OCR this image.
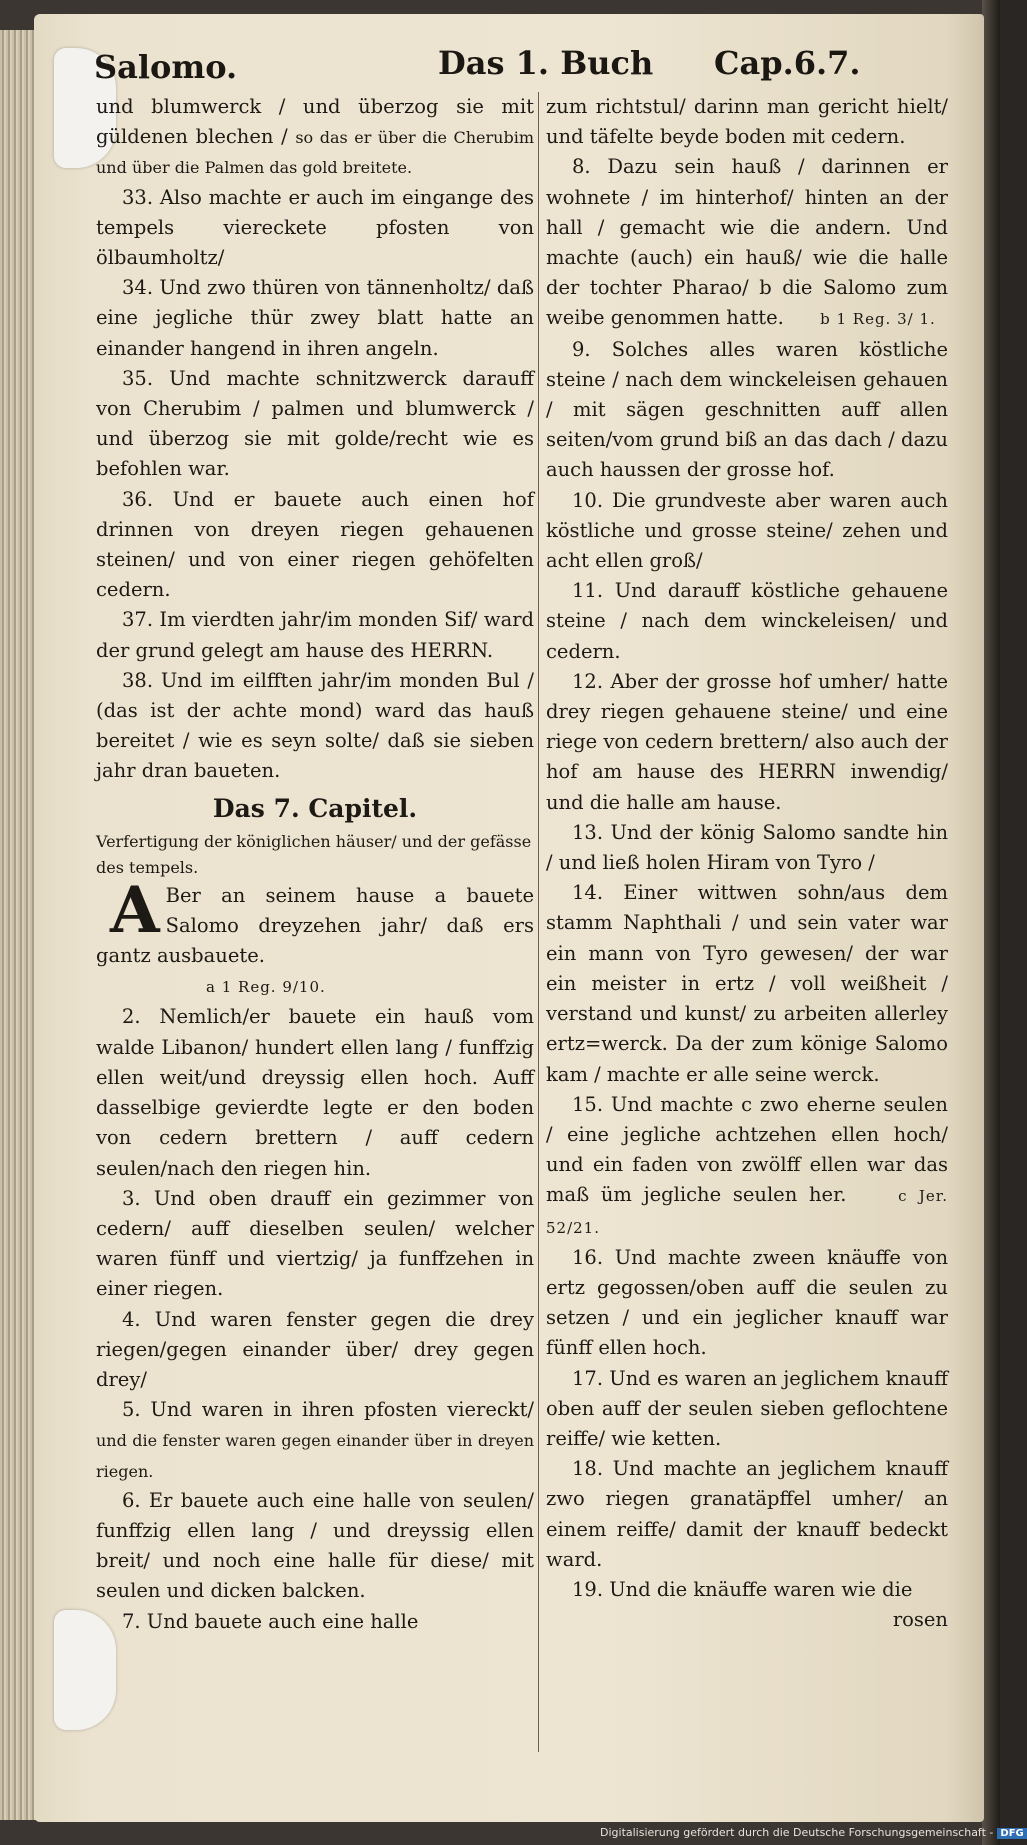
Salomo.	Das 1. Buch Cap.6.7.

und blumwerck / und überzog sie mit güldenen blechen / so das er über die Cherubim und über die Palmen das gold breitete.

33. Also machte er auch im eingange des tempels viereckete pfosten von ölbaumholtz/

34. Und zwo thüren von tännenholtz/ daß eine jegliche thür zwey blatt hatte an einander hangend in ihren angeln.

35. Und machte schnitzwerck darauff von Cherubim / palmen und blumwerck / und überzog sie mit golde/recht wie es befohlen war.

36. Und er bauete auch einen hof drinnen von dreyen riegen gehauenen steinen/ und von einer riegen gehöfelten cedern.

37. Im vierdten jahr/im monden Sif/ ward der grund gelegt am hause des HERRN.

38. Und im eilfften jahr/im monden Bul / (das ist der achte mond) ward das hauß bereitet / wie es seyn solte/ daß sie sieben jahr dran baueten.

Das 7. Capitel.

Verfertigung der königlichen häuser/ und der gefässe des tempels.

A Ber an seinem hause a bauete Salomo dreyzehen jahr/ daß ers gantz ausbauete.
a 1 Reg. 9/10.

2. Nemlich/er bauete ein hauß vom walde Libanon/ hundert ellen lang / funffzig ellen weit/und dreyssig ellen hoch. Auff dasselbige gevierdte legte er den boden von cedern brettern / auff cedern seulen/nach den riegen hin.

3. Und oben drauff ein gezimmer von cedern/ auff dieselben seulen/ welcher waren fünff und viertzig/ ja funffzehen in einer riegen.

4. Und waren fenster gegen die drey riegen/gegen einander über/ drey gegen drey/

5. Und waren in ihren pfosten viereckt/ und die fenster waren gegen einander über in dreyen riegen.

6. Er bauete auch eine halle von seulen/ funffzig ellen lang / und dreyssig ellen breit/ und noch eine halle für diese/ mit seulen und dicken balcken.

7. Und bauete auch eine halle

zum richtstul/ darinn man gericht hielt/ und täfelte beyde boden mit cedern.

8. Dazu sein hauß / darinnen er wohnete / im hinterhof/ hinten an der hall / gemacht wie die andern. Und machte (auch) ein hauß/ wie die halle der tochter Pharao/ b die Salomo zum weibe genommen hatte. b 1 Reg. 3/ 1.

9. Solches alles waren köstliche steine / nach dem winckeleisen gehauen / mit sägen geschnitten auff allen seiten/vom grund biß an das dach / dazu auch haussen der grosse hof.

10. Die grundveste aber waren auch köstliche und grosse steine/ zehen und acht ellen groß/

11. Und darauff köstliche gehauene steine / nach dem winckeleisen/ und cedern.

12. Aber der grosse hof umher/ hatte drey riegen gehauene steine/ und eine riege von cedern brettern/ also auch der hof am hause des HERRN inwendig/ und die halle am hause.

13. Und der könig Salomo sandte hin / und ließ holen Hiram von Tyro /

14. Einer wittwen sohn/aus dem stamm Naphthali / und sein vater war ein mann von Tyro gewesen/ der war ein meister in ertz / voll weißheit / verstand und kunst/ zu arbeiten allerley ertz=werck. Da der zum könige Salomo kam / machte er alle seine werck.

15. Und machte c zwo eherne seulen / eine jegliche achtzehen ellen hoch/ und ein faden von zwölff ellen war das maß üm jegliche seulen her.	c Jer. 52/21.

16. Und machte zween knäuffe von ertz gegossen/oben auff die seulen zu setzen / und ein jeglicher knauff war fünff ellen hoch.

17. Und es waren an jeglichem knauff oben auff der seulen sieben geflochtene reiffe/ wie ketten.

18. Und machte an jeglichem knauff zwo riegen granatäpffel umher/ an einem reiffe/ damit der knauff bedeckt ward.

19. Und die knäuffe waren wie die

rosen

Digitalisierung gefördert durch die Deutsche Forschungsgemeinschaft - DFG
